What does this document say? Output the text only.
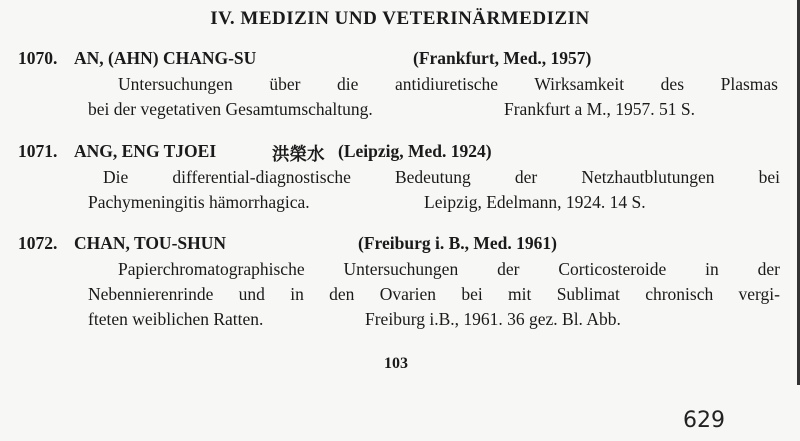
IV. MEDIZIN UND VETERINÄRMEDIZIN
1070. AN, (AHN) CHANG-SU	(Frankfurt, Med., 1957)
Untersuchungen über die antidiuretische Wirksamkeit des Plasmas
bei der vegetativen Gesamtumschaltung.	Frankfurt a M., 1957. 51 S.
1071. ANG, ENG TJOEI	洪榮水 (Leipzig, Med. 1924)
Die differential-diagnostische Bedeutung der Netzhautblutungen bei
Pachymeningitis hämorrhagica.	Leipzig, Edelmann, 1924. 14 S.
1072. CHAN, TOU-SHUN	(Freiburg i. B., Med. 1961)
Papierchromatographische Untersuchungen der Corticosteroide in der
Nebennierenrinde und in den Ovarien bei mit Sublimat chronisch vergi-
fteten weiblichen Ratten.	Freiburg i.B., 1961. 36 gez. Bl. Abb.
103
629
